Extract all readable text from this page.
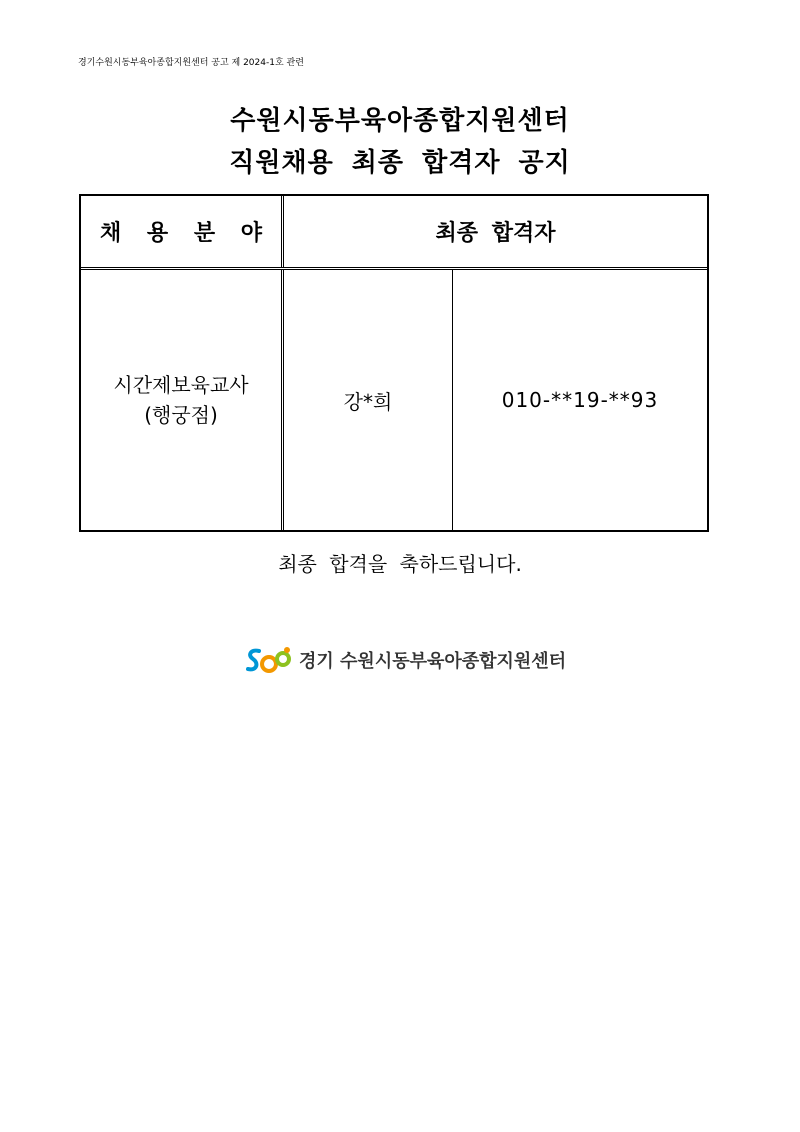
경기수원시동부육아종합지원센터 공고 제 2024-1호 관련
수원시동부육아종합지원센터
직원채용 최종 합격자 공지
채 용 분 야	최종 합격자
시간제보육교사
(행궁점)
강*희	010-**19-**93
최종 합격을 축하드립니다.
경기 수원시동부육아종합지원센터
